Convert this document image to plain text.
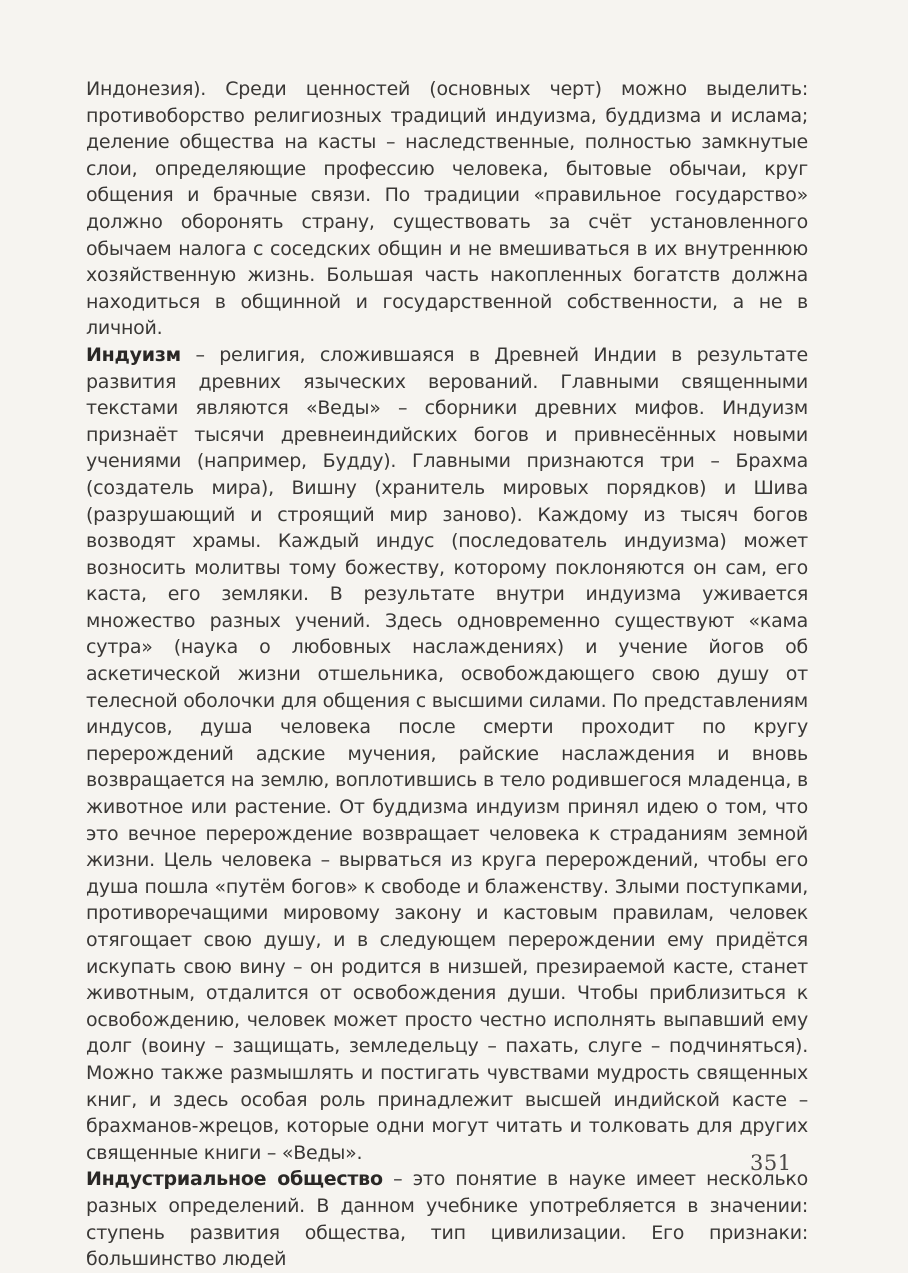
Индонезия). Среди ценностей (основных черт) можно выделить: противоборство религиозных традиций индуизма, буддизма и ислама; деление общества на касты – наследственные, полностью замкнутые слои, определяющие профессию человека, бытовые обычаи, круг общения и брачные связи. По традиции «правильное государство» должно оборонять страну, существовать за счёт установленного обычаем налога с соседских общин и не вмешиваться в их внутреннюю хозяйственную жизнь. Большая часть накопленных богатств должна находиться в общинной и государственной собственности, а не в личной.

Индуизм – религия, сложившаяся в Древней Индии в результате развития древних языческих верований. Главными священными текстами являются «Веды» – сборники древних мифов. Индуизм признаёт тысячи древнеиндийских богов и привнесённых новыми учениями (например, Будду). Главными признаются три – Брахма (создатель мира), Вишну (хранитель мировых порядков) и Шива (разрушающий и строящий мир заново). Каждому из тысяч богов возводят храмы. Каждый индус (последователь индуизма) может возносить молитвы тому божеству, которому поклоняются он сам, его каста, его земляки. В результате внутри индуизма уживается множество разных учений. Здесь одновременно существуют «кама сутра» (наука о любовных наслаждениях) и учение йогов об аскетической жизни отшельника, освобождающего свою душу от телесной оболочки для общения с высшими силами. По представлениям индусов, душа человека после смерти проходит по кругу перерождений адские мучения, райские наслаждения и вновь возвращается на землю, воплотившись в тело родившегося младенца, в животное или растение. От буддизма индуизм принял идею о том, что это вечное перерождение возвращает человека к страданиям земной жизни. Цель человека – вырваться из круга перерождений, чтобы его душа пошла «путём богов» к свободе и блаженству. Злыми поступками, противоречащими мировому закону и кастовым правилам, человек отягощает свою душу, и в следующем перерождении ему придётся искупать свою вину – он родится в низшей, презираемой касте, станет животным, отдалится от освобождения души. Чтобы приблизиться к освобождению, человек может просто честно исполнять выпавший ему долг (воину – защищать, земледельцу – пахать, слуге – подчиняться). Можно также размышлять и постигать чувствами мудрость священных книг, и здесь особая роль принадлежит высшей индийской касте – брахманов-жрецов, которые одни могут читать и толковать для других священные книги – «Веды».

Индустриальное общество – это понятие в науке имеет несколько разных определений. В данном учебнике употребляется в значении: ступень развития общества, тип цивилизации. Его признаки: большинство людей

351
